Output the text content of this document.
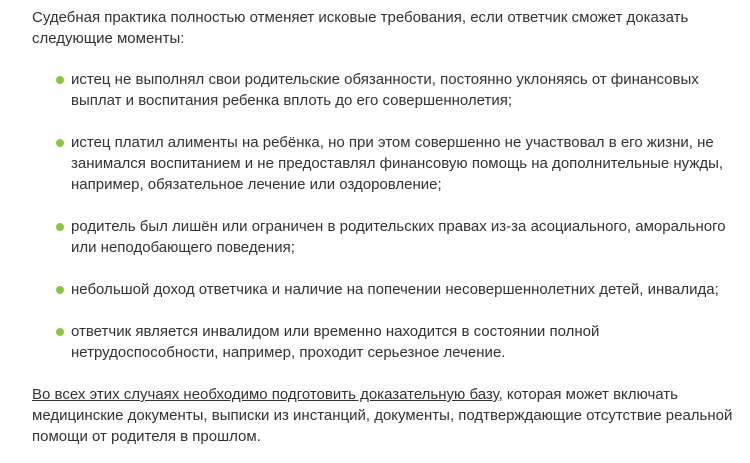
Судебная практика полностью отменяет исковые требования, если ответчик сможет доказать следующие моменты:

истец не выполнял свои родительские обязанности, постоянно уклоняясь от финансовых выплат и воспитания ребенка вплоть до его совершеннолетия;
истец платил алименты на ребёнка, но при этом совершенно не участвовал в его жизни, не занимался воспитанием и не предоставлял финансовую помощь на дополнительные нужды, например, обязательное лечение или оздоровление;
родитель был лишён или ограничен в родительских правах из-за асоциального, аморального или неподобающего поведения;
небольшой доход ответчика и наличие на попечении несовершеннолетних детей, инвалида;
ответчик является инвалидом или временно находится в состоянии полной нетрудоспособности, например, проходит серьезное лечение.

Во всех этих случаях необходимо подготовить доказательную базу, которая может включать медицинские документы, выписки из инстанций, документы, подтверждающие отсутствие реальной помощи от родителя в прошлом.
